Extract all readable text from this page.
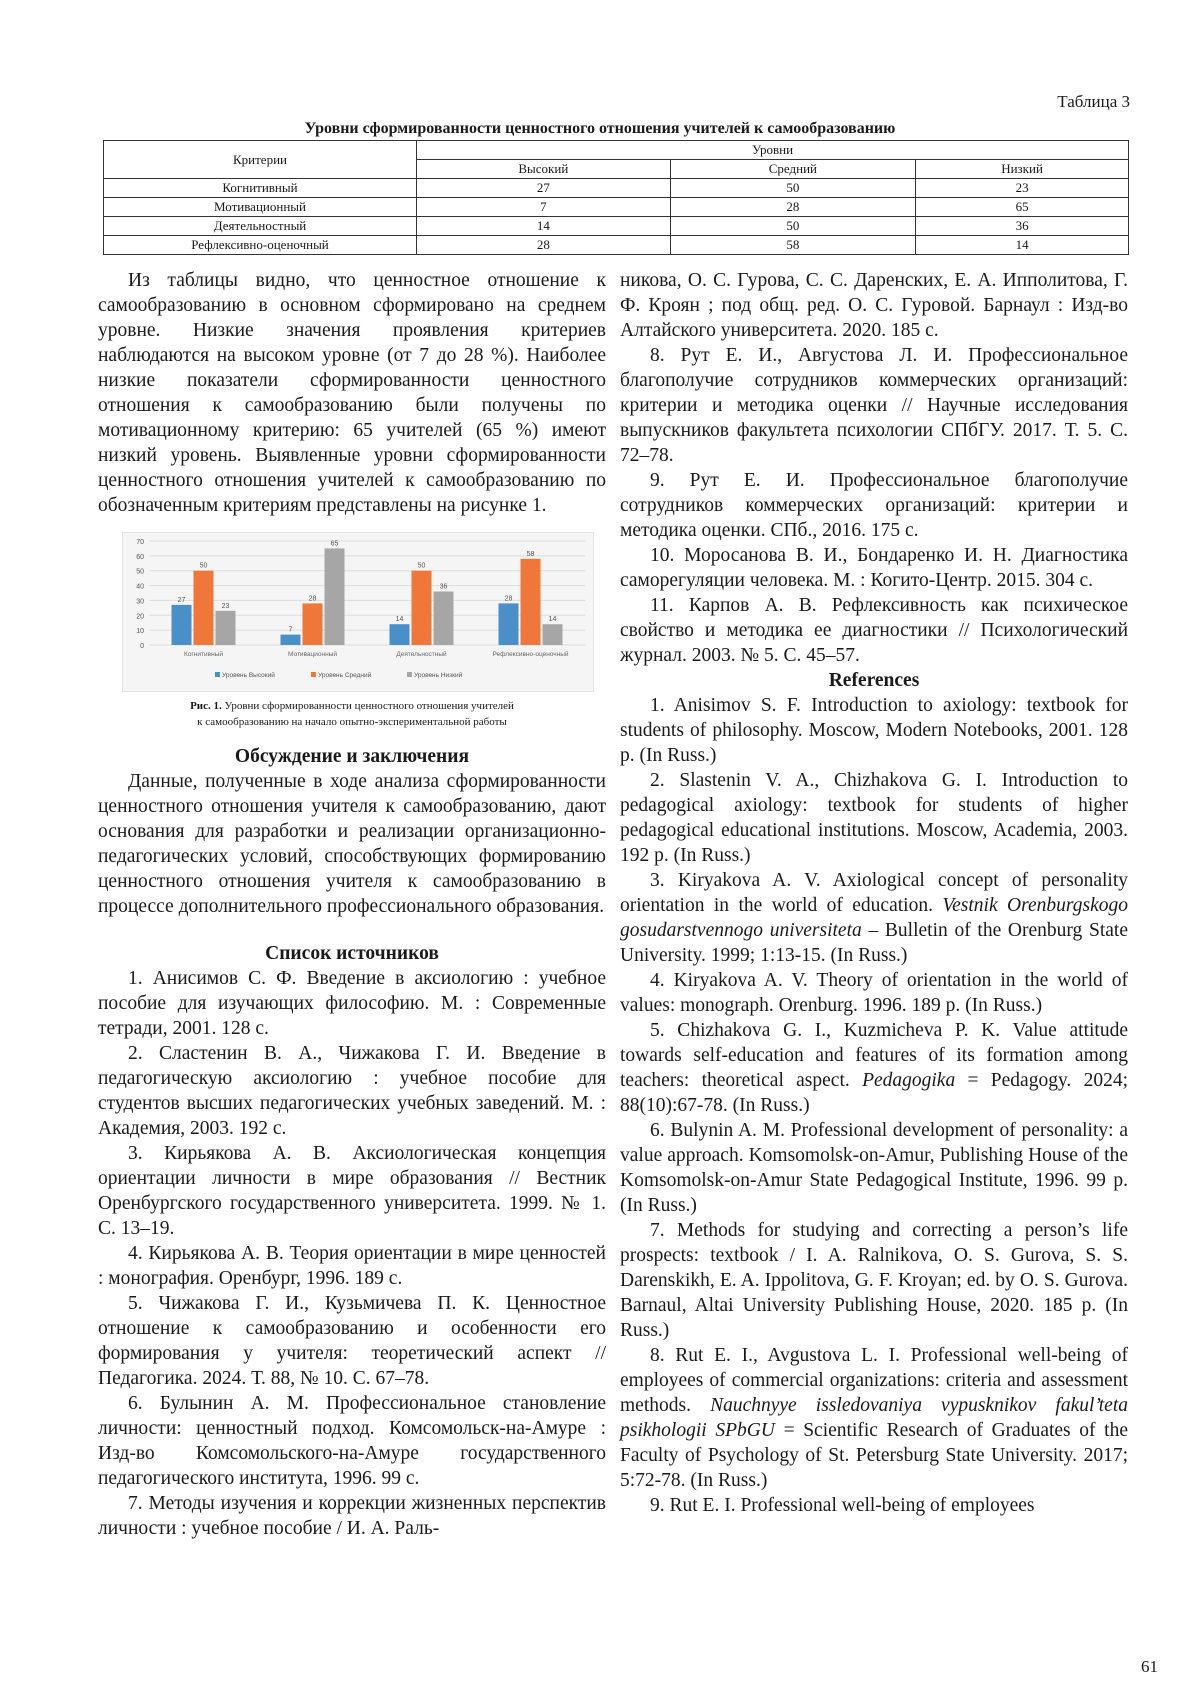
Таблица 3
Уровни сформированности ценностного отношения учителей к самообразованию
Критерии	Уровни		
	Высокий	Средний	Низкий
Когнитивный	27	50	23
Мотивационный	7	28	65
Деятельностный	14	50	36
Рефлексивно-оценочный	28	58	14

Из таблицы видно, что ценностное отношение к самообразованию в основном сформировано на среднем уровне. Низкие значения проявления критериев наблюдаются на высоком уровне (от 7 до 28 %). Наиболее низкие показатели сформированности ценностного отношения к самообразованию были получены по мотивационному критерию: 65 учителей (65 %) имеют низкий уровень. Выявленные уровни сформированности ценностного отношения учителей к самообразованию по обозначенным критериям представлены на рисунке 1.

0
10
20
30
40
50
60
70
27
50
23
Когнитивный
7
28
65
Мотивационный
14
50
36
Деятельностный
28
58
14
Рефлексивно-оценочный
Уровень Высокий	Уровень Средний	Уровень Низкий
Рис. 1. Уровни сформированности ценностного отношения учителей
к самообразованию на начало опытно-экспериментальной работы
Обсуждение и заключения

Данные, полученные в ходе анализа сформированности ценностного отношения учителя к самообразованию, дают основания для разработки и реализации организационно-педагогических условий, способствующих формированию ценностного отношения учителя к самообразованию в процессе дополнительного профессионального образования.

Список источников

1. Анисимов С. Ф. Введение в аксиологию : учебное пособие для изучающих философию. М. : Современные тетради, 2001. 128 с.

2. Сластенин В. А., Чижакова Г. И. Введение в педагогическую аксиологию : учебное пособие для студентов высших педагогических учебных заведений. М. : Академия, 2003. 192 с.

3. Кирьякова А. В. Аксиологическая концепция ориентации личности в мире образования // Вестник Оренбургского государственного университета. 1999. № 1. С. 13–19.

4. Кирьякова А. В. Теория ориентации в мире ценностей : монография. Оренбург, 1996. 189 с.

5. Чижакова Г. И., Кузьмичева П. К. Ценностное отношение к самообразованию и особенности его формирования у учителя: теоретический аспект // Педагогика. 2024. Т. 88, № 10. С. 67–78.

6. Булынин А. М. Профессиональное становление личности: ценностный подход. Комсомольск-на-Амуре : Изд-во Комсомольского-на-Амуре государственного педагогического института, 1996. 99 с.

7. Методы изучения и коррекции жизненных перспектив личности : учебное пособие / И. А. Раль-

никова, О. С. Гурова, С. С. Даренских, Е. А. Ипполитова, Г. Ф. Кроян ; под общ. ред. О. С. Гуровой. Барнаул : Изд-во Алтайского университета. 2020. 185 с.

8. Рут Е. И., Августова Л. И. Профессиональное благополучие сотрудников коммерческих организаций: критерии и методика оценки // Научные исследования выпускников факультета психологии СПбГУ. 2017. Т. 5. С. 72–78.

9. Рут Е. И. Профессиональное благополучие сотрудников коммерческих организаций: критерии и методика оценки. СПб., 2016. 175 с.

10. Моросанова В. И., Бондаренко И. Н. Диагностика саморегуляции человека. М. : Когито-Центр. 2015. 304 с.

11. Карпов А. В. Рефлексивность как психическое свойство и методика ее диагностики // Психологический журнал. 2003. № 5. С. 45–57.

References

1. Anisimov S. F. Introduction to axiology: textbook for students of philosophy. Moscow, Modern Notebooks, 2001. 128 p. (In Russ.)

2. Slastenin V. A., Chizhakova G. I. Introduction to pedagogical axiology: textbook for students of higher pedagogical educational institutions. Moscow, Academia, 2003. 192 p. (In Russ.)

3. Kiryakova A. V. Axiological concept of personality orientation in the world of education. Vestnik Orenburgskogo gosudarstvennogo universiteta – Bulletin of the Orenburg State University. 1999; 1:13-15. (In Russ.)

4. Kiryakova A. V. Theory of orientation in the world of values: monograph. Orenburg. 1996. 189 p. (In Russ.)

5. Chizhakova G. I., Kuzmicheva P. K. Value attitude towards self-education and features of its formation among teachers: theoretical aspect. Pedagogika = Pedagogy. 2024; 88(10):67-78. (In Russ.)

6. Bulynin A. M. Professional development of personality: a value approach. Komsomolsk-on-Amur, Publishing House of the Komsomolsk-on-Amur State Pedagogical Institute, 1996. 99 p. (In Russ.)

7. Methods for studying and correcting a person’s life prospects: textbook / I. A. Ralnikova, O. S. Gurova, S. S. Darenskikh, E. A. Ippolitova, G. F. Kroyan; ed. by O. S. Gurova. Barnaul, Altai University Publishing House, 2020. 185 p. (In Russ.)

8. Rut E. I., Avgustova L. I. Professional well-being of employees of commercial organizations: criteria and assessment methods. Nauchnyye issledovaniya vypusknikov fakul’teta psikhologii SPbGU = Scientific Research of Graduates of the Faculty of Psychology of St. Petersburg State University. 2017; 5:72-78. (In Russ.)

9. Rut E. I. Professional well-being of employees

61
